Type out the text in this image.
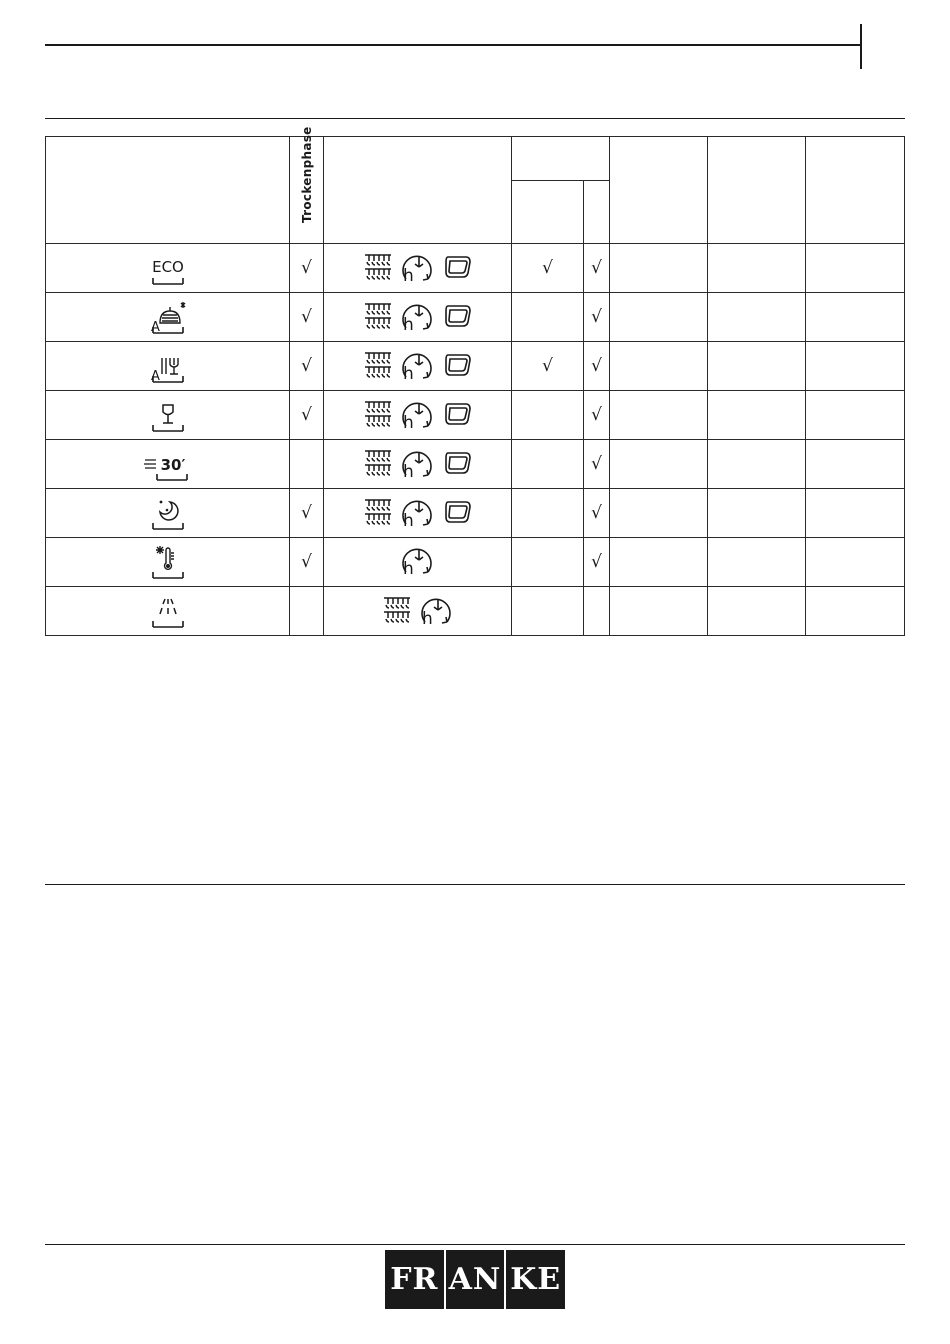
	Trockenphase						

ECO	√		√	√			

A	√			√			

A	√		√	√			

	√			√			

30′				√			

	√			√			

	√			√			

FR AN KE
